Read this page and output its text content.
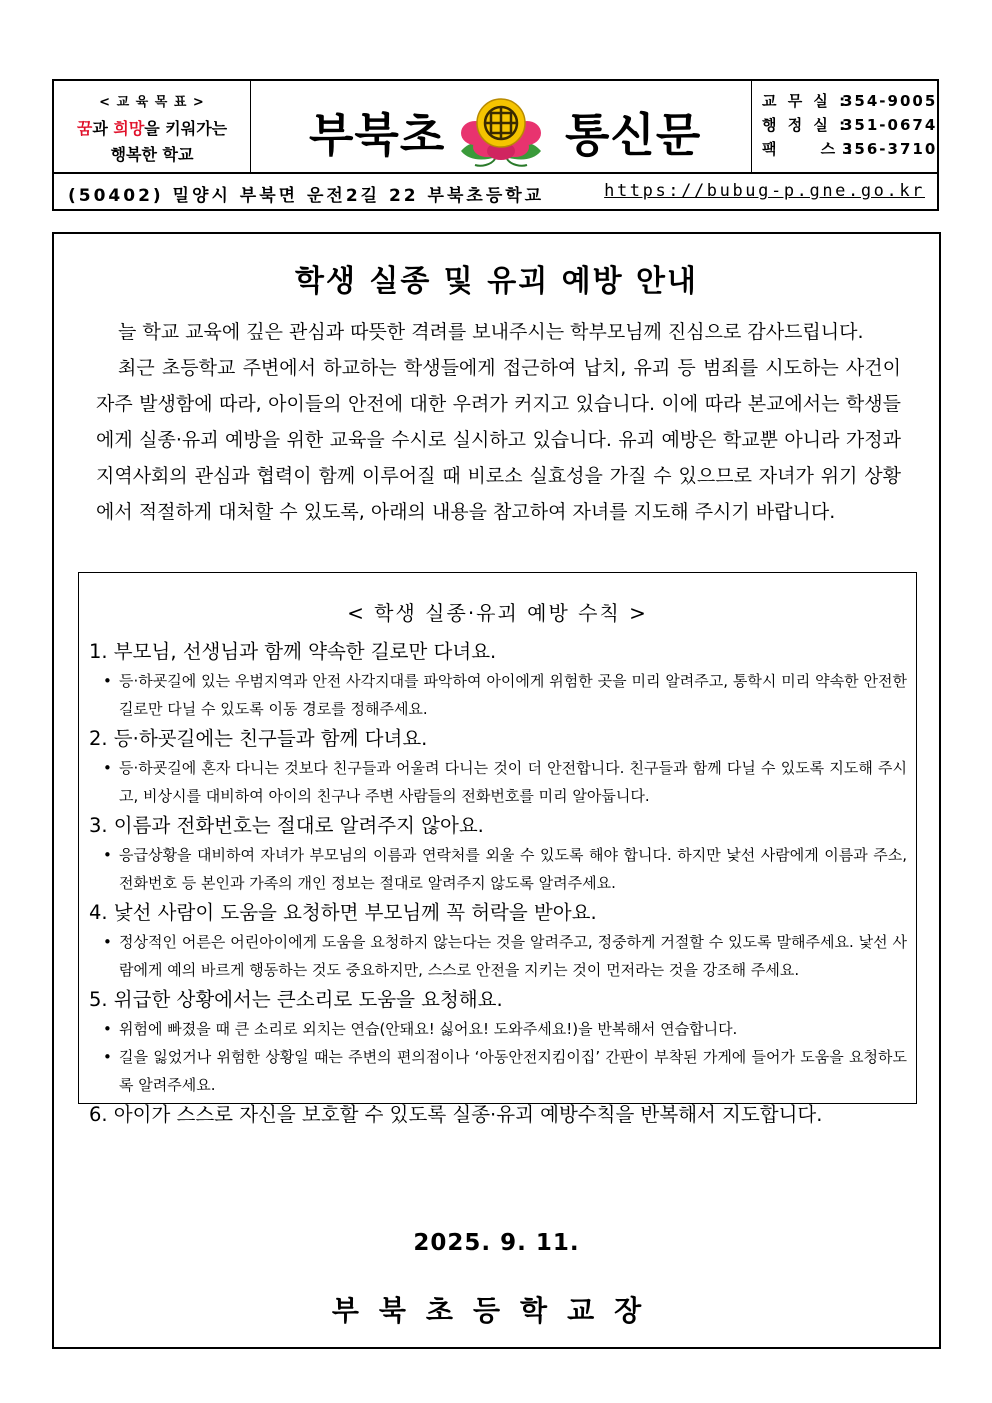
< 교 육 목 표 >
꿈과 희망을 키워가는
행복한 학교	부북초	통신문
교 무 실 :354-9005
행 정 실 :351-0674
팩     스 :356-3710
(50402) 밀양시 부북면 운전2길 22 부북초등학교	https://bubug-p.gne.go.kr
학생 실종 및 유괴 예방 안내

늘 학교 교육에 깊은 관심과 따뜻한 격려를 보내주시는 학부모님께 진심으로 감사드립니다.

최근 초등학교 주변에서 하교하는 학생들에게 접근하여 납치, 유괴 등 범죄를 시도하는 사건이 자주 발생함에 따라, 아이들의 안전에 대한 우려가 커지고 있습니다. 이에 따라 본교에서는 학생들에게 실종·유괴 예방을 위한 교육을 수시로 실시하고 있습니다. 유괴 예방은 학교뿐 아니라 가정과 지역사회의 관심과 협력이 함께 이루어질 때 비로소 실효성을 가질 수 있으므로 자녀가 위기 상황에서 적절하게 대처할 수 있도록, 아래의 내용을 참고하여 자녀를 지도해 주시기 바랍니다.

< 학생 실종·유괴 예방 수칙 >
1. 부모님, 선생님과 함께 약속한 길로만 다녀요.
• 등·하굣길에 있는 우범지역과 안전 사각지대를 파악하여 아이에게 위험한 곳을 미리 알려주고, 통학시 미리 약속한 안전한 길로만 다닐 수 있도록 이동 경로를 정해주세요.
2. 등·하굣길에는 친구들과 함께 다녀요.
• 등·하굣길에 혼자 다니는 것보다 친구들과 어울려 다니는 것이 더 안전합니다. 친구들과 함께 다닐 수 있도록 지도해 주시고, 비상시를 대비하여 아이의 친구나 주변 사람들의 전화번호를 미리 알아둡니다.
3. 이름과 전화번호는 절대로 알려주지 않아요.
• 응급상황을 대비하여 자녀가 부모님의 이름과 연락처를 외울 수 있도록 해야 합니다. 하지만 낯선 사람에게 이름과 주소, 전화번호 등 본인과 가족의 개인 정보는 절대로 알려주지 않도록 알려주세요.
4. 낯선 사람이 도움을 요청하면 부모님께 꼭 허락을 받아요.
• 정상적인 어른은 어린아이에게 도움을 요청하지 않는다는 것을 알려주고, 정중하게 거절할 수 있도록 말해주세요. 낯선 사람에게 예의 바르게 행동하는 것도 중요하지만, 스스로 안전을 지키는 것이 먼저라는 것을 강조해 주세요.
5. 위급한 상황에서는 큰소리로 도움을 요청해요.
• 위험에 빠졌을 때 큰 소리로 외치는 연습(안돼요! 싫어요! 도와주세요!)을 반복해서 연습합니다.
• 길을 잃었거나 위험한 상황일 때는 주변의 편의점이나 ‘아동안전지킴이집’ 간판이 부착된 가게에 들어가 도움을 요청하도록 알려주세요.
6. 아이가 스스로 자신을 보호할 수 있도록 실종·유괴 예방수칙을 반복해서 지도합니다.
2025. 9. 11.
부북초등학교장
